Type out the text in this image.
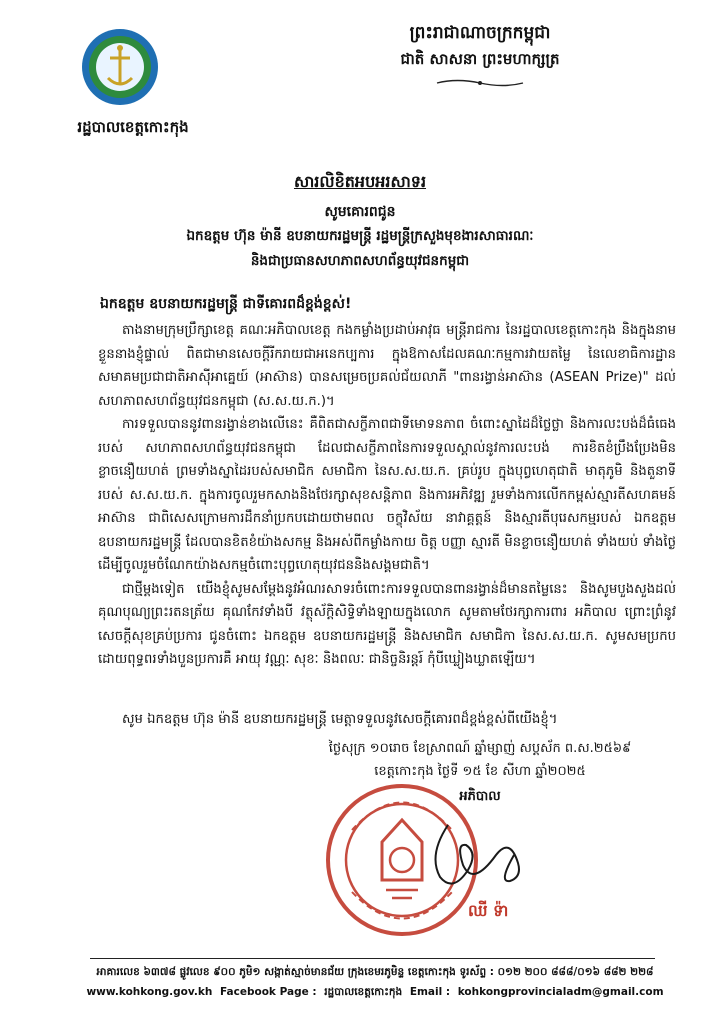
រដ្ឋបាលខេត្តកោះកុង
ព្រះរាជាណាចក្រកម្ពុជា
ជាតិ សាសនា ព្រះមហាក្សត្រ
សារលិខិតអបអរសាទរ
សូមគោរពជូន
ឯកឧត្តម ហ៊ុន ម៉ានី ឧបនាយករដ្ឋមន្ត្រី រដ្ឋមន្ត្រីក្រសួងមុខងារសាធារណៈ
និងជាប្រធានសហភាពសហព័ន្ធយុវជនកម្ពុជា
ឯកឧត្តម ឧបនាយករដ្ឋមន្ត្រី ជាទីគោរពដ៏ខ្ពង់ខ្ពស់!

តាងនាមក្រុមប្រឹក្សាខេត្ត គណៈអភិបាលខេត្ត កងកម្លាំងប្រដាប់អាវុធ មន្ត្រីរាជការ នៃរដ្ឋបាលខេត្តកោះកុង និងក្នុងនាមខ្លួននាងខ្ញុំផ្ទាល់ ពិតជាមានសេចក្តីរីករាយជាអនេកប្បការ ក្នុងឱកាសដែលគណៈកម្មការវាយតម្លៃ នៃលេខាធិការដ្ឋានសមាគមប្រជាជាតិអាស៊ីអាគ្នេយ៍ (អាស៊ាន) បានសម្រេចប្រគល់ជ័យលាភី "ពានរង្វាន់អាស៊ាន (ASEAN Prize)" ដល់សហភាពសហព័ន្ធយុវជនកម្ពុជា (ស.ស.យ.ក.)។

ការទទួលបាននូវពានរង្វាន់ខាងលើនេះ គឺពិតជាសក្ខីភាពជាទីមោទនភាព ចំពោះស្នាដៃដ៏ថ្លៃថ្លា និងការលះបង់ដ៏ធំធេងរបស់ សហភាពសហព័ន្ធយុវជនកម្ពុជា ដែលជាសក្ខីភាពនៃការទទួលស្គាល់នូវការលះបង់ ការខិតខំប្រឹងប្រែងមិនខ្លាចនឿយហត់ ព្រមទាំងស្នាដៃរបស់សមាជិក សមាជិកា នៃស.ស.យ.ក. គ្រប់រូប ក្នុងបុព្វហេតុជាតិ មាតុភូមិ និងតួនាទីរបស់ ស.ស.យ.ក. ក្នុងការចូលរួមកសាងនិងថែរក្សាសុខសន្តិភាព និងការអភិវឌ្ឍ រួមទាំងការលើកកម្ពស់ស្មារតីសហគមន៍អាស៊ាន ជាពិសេសក្រោមការដឹកនាំប្រកបដោយថាមពល ចក្ខុវិស័យ នាវាគ្គត្តន៍ និងស្មារតីបុរេសកម្មរបស់ ឯកឧត្តម ឧបនាយករដ្ឋមន្ត្រី ដែលបានខិតខំយ៉ាងសកម្ម និងអស់ពីកម្លាំងកាយ ចិត្ត បញ្ញា ស្មារតី មិនខ្លាចនឿយហត់ ទាំងយប់ ទាំងថ្ងៃ ដើម្បីចូលរួមចំណែកយ៉ាងសកម្មចំពោះបុព្វហេតុយុវជននិងសង្គមជាតិ។

ជាថ្មីម្តងទៀត យើងខ្ញុំសូមសម្តែងនូវអំណរសាទរចំពោះការទទួលបានពានរង្វាន់ដ៏មានតម្លៃនេះ និងសូមបួងសួងដល់គុណបុណ្យព្រះរតនត្រ័យ គុណកែវទាំងបី វត្ថុស័ក្តិសិទ្ធិទាំងឡាយក្នុងលោក សូមតាមថែរក្សាការពារ អភិបាល ព្រោះព្រំនូវសេចក្តីសុខគ្រប់ប្រការ ជូនចំពោះ ឯកឧត្តម ឧបនាយករដ្ឋមន្ត្រី និងសមាជិក សមាជិកា នៃស.ស.យ.ក. សូមសមប្រកបដោយពុទ្ធពរទាំងបួនប្រការគឺ អាយុ វណ្ណៈ សុខៈ និងពលៈ ជានិច្ចនិរន្តរ៍ កុំបីឃ្លៀងឃ្លាតឡើយ។

សូម ឯកឧត្តម ហ៊ុន ម៉ានី ឧបនាយករដ្ឋមន្ត្រី មេត្តាទទួលនូវសេចក្តីគោរពដ៏ខ្ពង់ខ្ពស់ពីយើងខ្ញុំ។
ថ្ងៃសុក្រ ១០រោច ខែស្រាពណ៍ ឆ្នាំម្សាញ់ សប្តស័ក ព.ស.២៥៦៩
ខេត្តកោះកុង ថ្ងៃទី ១៥ ខែ សីហា ឆ្នាំ២០២៥
អភិបាល
ឈី ទ៉ា
អាគារលេខ ៦៣៧៨ ផ្លូវលេខ ៩០០ ភូមិ១ សង្កាត់ស្មាច់មានជ័យ ក្រុងខេមរភូមិន្ទ ខេត្តកោះកុង ទូរស័ព្ទ : ០១២ ២០០ ៨៨៨/០១៦ ៨៨២ ២២៨
www.kohkong.gov.kh Facebook Page : រដ្ឋបាលខេត្តកោះកុង Email : kohkongprovincialadm@gmail.com
